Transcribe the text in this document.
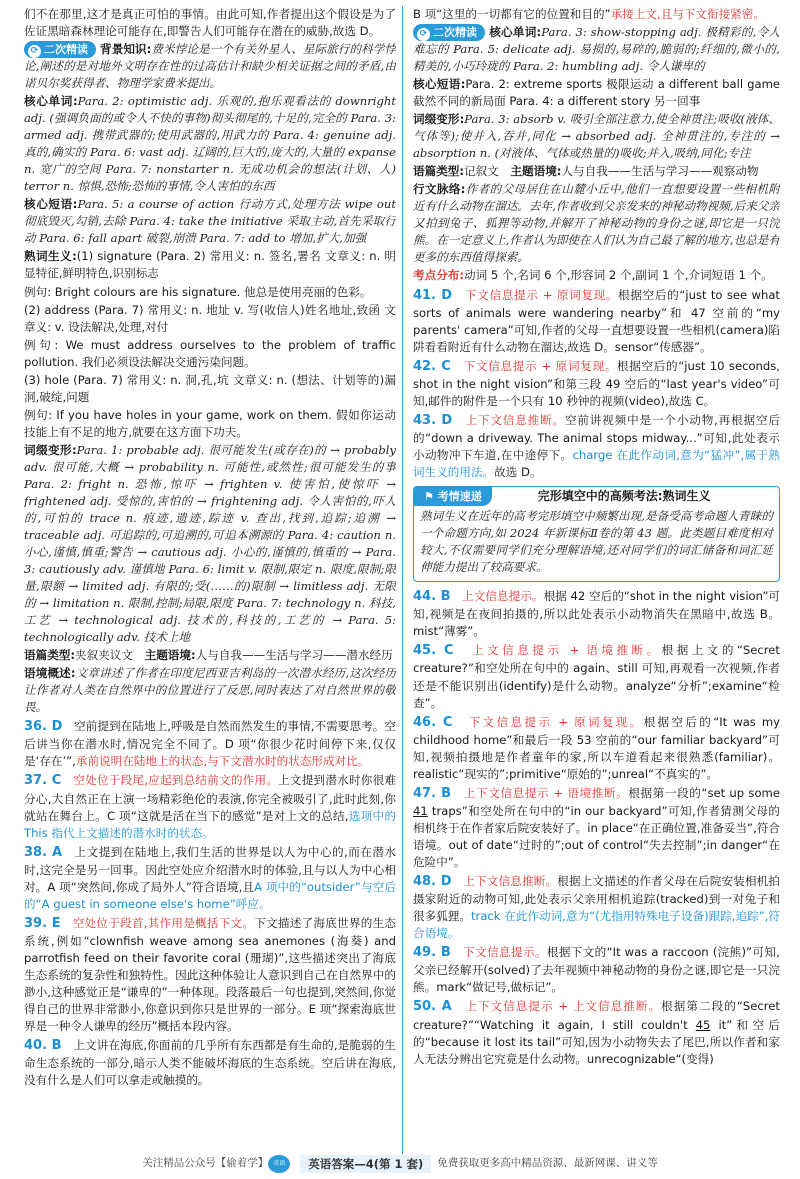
们不在那里,这才是真正可怕的事情。由此可知,作者提出这个假设是为了佐证黑暗森林理论可能存在,即警告人们可能存在潜在的威胁,故选 D。

⟳ 二次精读 背景知识:费米悖论是一个有关外星人、星际旅行的科学悖论,阐述的是对地外文明存在性的过高估计和缺少相关证据之间的矛盾,由诺贝尔奖获得者、物理学家费米提出。

核心单词:Para. 2: optimistic adj. 乐观的,抱乐观看法的 downright adj. (强调负面的或令人不快的事物)彻头彻尾的,十足的,完全的 Para. 3: armed adj. 携带武器的;使用武器的,用武力的 Para. 4: genuine adj. 真的,确实的 Para. 6: vast adj. 辽阔的,巨大的,庞大的,大量的 expanse n. 宽广的空间 Para. 7: nonstarter n. 无成功机会的想法(计划、人) terror n. 惊惧,恐怖;恐怖的事情,令人害怕的东西

核心短语:Para. 5: a course of action 行动方式,处理方法 wipe out 彻底毁灭,勾销,去除 Para. 4: take the initiative 采取主动,首先采取行动 Para. 6: fall apart 破裂,崩溃 Para. 7: add to 增加,扩大,加强

熟词生义:(1) signature (Para. 2) 常用义: n. 签名,署名 文章义: n. 明显特征,鲜明特色,识别标志

例句: Bright colours are his signature. 他总是使用亮丽的色彩。

(2) address (Para. 7) 常用义: n. 地址 v. 写(收信人)姓名地址,致函 文章义: v. 设法解决,处理,对付

例句: We must address ourselves to the problem of traffic pollution. 我们必须设法解决交通污染问题。

(3) hole (Para. 7) 常用义: n. 洞,孔,坑 文章义: n. (想法、计划等的)漏洞,破绽,问题

例句: If you have holes in your game, work on them. 假如你运动技能上有不足的地方,就要在这方面下功夫。

词缀变形:Para. 1: probable adj. 很可能发生(或存在)的 → probably adv. 很可能,大概 → probability n. 可能性,或然性;很可能发生的事 Para. 2: fright n. 恐怖,惊吓 → frighten v. 使害怕,使惊吓 → frightened adj. 受惊的,害怕的 → frightening adj. 令人害怕的,吓人的,可怕的 trace n. 痕迹,遗迹,踪迹 v. 查出,找到,追踪;追溯 → traceable adj. 可追踪的,可追溯的,可追本溯源的 Para. 4: caution n. 小心,谨慎,慎重;警告 → cautious adj. 小心的,谨慎的,慎重的 → Para. 3: cautiously adv. 谨慎地 Para. 6: limit v. 限制,限定 n. 限度,限制;限量,限额 → limited adj. 有限的;受(……的)限制 → limitless adj. 无限的 → limitation n. 限制,控制;局限,限度 Para. 7: technology n. 科技,工艺 → technological adj. 技术的,科技的,工艺的 → Para. 5: technologically adv. 技术上地

语篇类型:夹叙夹议文　 主题语境:人与自我——生活与学习——潜水经历

语境概述:文章讲述了作者在印度尼西亚吉利岛的一次潜水经历,这次经历让作者对人类在自然界中的位置进行了反思,同时表达了对自然世界的敬畏。

36. D　 空前提到在陆地上,呼吸是自然而然发生的事情,不需要思考。空后讲当你在潜水时,情况完全不同了。D 项“你很少花时间停下来,仅仅是‘存在’”,承前说明在陆地上的状态,与下文潜水时的状态形成对比。

37. C　 空处位于段尾,应起到总结前文的作用。上文提到潜水时你很难分心,大自然正在上演一场精彩绝伦的表演,你完全被吸引了,此时此刻,你就站在舞台上。C 项“这就是活在当下的感觉”是对上文的总结,选项中的 This 指代上文描述的潜水时的状态。

38. A　 上文提到在陆地上,我们生活的世界是以人为中心的,而在潜水时,这完全是另一回事。因此空处应介绍潜水时的体验,且与以人为中心相对。A 项“突然间,你成了局外人”符合语境,且A 项中的“outsider”与空后的“A guest in someone else's home”呼应。

39. E　 空处位于段首,其作用是概括下文。下文描述了海底世界的生态系统,例如“clownfish weave among sea anemones (海葵) and parrotfish feed on their favorite coral (珊瑚)”,这些描述突出了海底生态系统的复杂性和独特性。因此这种体验让人意识到自己在自然界中的渺小,这种感觉正是“谦卑的”一种体现。段落最后一句也提到,突然间,你觉得自己的世界非常渺小,你意识到你只是世界的一部分。E 项“探索海底世界是一种令人谦卑的经历”概括本段内容。

40. B　 上文讲在海底,你面前的几乎所有东西都是有生命的,是脆弱的生命生态系统的一部分,暗示人类不能破坏海底的生态系统。空后讲在海底,没有什么是人们可以拿走或触摸的。

B 项“这里的一切都有它的位置和目的”承接上文,且与下文衔接紧密。

⟳ 二次精读 核心单词:Para. 3: show-stopping adj. 极精彩的,令人难忘的 Para. 5: delicate adj. 易损的,易碎的,脆弱的;纤细的,微小的,精美的,小巧玲珑的 Para. 2: humbling adj. 令人谦卑的

核心短语:Para. 2: extreme sports 极限运动 a different ball game 截然不同的新局面 Para. 4: a different story 另一回事

词缀变形:Para. 3: absorb v. 吸引全部注意力,使全神贯注;吸收(液体、气体等);使并入,吞并,同化 → absorbed adj. 全神贯注的,专注的 → absorption n. (对液体、气体或热量的)吸收;并入,吸纳,同化;专注

语篇类型:记叙文　 主题语境:人与自我——生活与学习——观察动物

行文脉络:作者的父母居住在山麓小丘中,他们一直想要设置一些相机附近有什么动物在溜达。去年,作者收到父亲发来的神秘动物视频,后来父亲又拍到兔子、狐狸等动物,并解开了神秘动物的身份之谜,即它是一只浣熊。在一定意义上,作者认为即使在人们认为自己最了解的地方,也总是有更多的东西值得探索。

考点分布:动词 5 个,名词 6 个,形容词 2 个,副词 1 个,介词短语 1 个。

41. D　 下文信息提示 + 原词复现。根据空后的“just to see what sorts of animals were wandering nearby”和 47 空前的“my parents' camera”可知,作者的父母一直想要设置一些相机(camera)陷阱看看附近有什么动物在溜达,故选 D。sensor“传感器”。

42. C　 下文信息提示 + 原词复现。根据空后的“just 10 seconds, shot in the night vision”和第三段 49 空后的“last year's video”可知,邮件的附件是一个只有 10 秒钟的视频(video),故选 C。

43. D　 上下文信息推断。空前讲视频中是一个小动物,再根据空后的“down a driveway. The animal stops midway...”可知,此处表示小动物冲下车道,在中途停下。charge 在此作动词,意为“猛冲”,属于熟词生义的用法。故选 D。

⚑ 考情速递	完形填空中的高频考法:熟词生义

熟词生义在近年的高考完形填空中频繁出现,是备受高考命题人青睐的一个命题方向,如 2024 年新课标Ⅱ卷的第 43 题。此类题目难度相对较大,不仅需要同学们充分理解语境,还对同学们的词汇储备和词汇延伸能力提出了较高要求。

44. B　 上文信息提示。根据 42 空后的“shot in the night vision”可知,视频是在夜间拍摄的,所以此处表示小动物消失在黑暗中,故选 B。mist“薄雾”。

45. C　 上文信息提示 + 语境推断。根据上文的“Secret creature?”和空处所在句中的 again、still 可知,再观看一次视频,作者还是不能识别出(identify)是什么动物。analyze“分析”;examine“检查”。

46. C　 下文信息提示 + 原词复现。根据空后的“It was my childhood home”和最后一段 53 空前的“our familiar backyard”可知,视频拍摄地是作者童年的家,所以车道看起来很熟悉(familiar)。realistic“现实的”;primitive“原始的”;unreal“不真实的”。

47. B　 上下文信息提示 + 语境推断。根据第一段的“set up some 41 traps”和空处所在句中的“in our backyard”可知,作者猜测父母的相机终于在作者家后院安装好了。in place“在正确位置,准备妥当”,符合语境。out of date“过时的”;out of control“失去控制”;in danger“在危险中”。

48. D　 上下文信息推断。根据上文描述的作者父母在后院安装相机拍摄家附近的动物可知,此处表示父亲用相机追踪(tracked)到一对兔子和很多狐狸。track 在此作动词,意为“(尤指用特殊电子设备)跟踪,追踪”,符合语境。

49. B　 下文信息提示。根据下文的“It was a raccoon (浣熊)”可知,父亲已经解开(solved)了去年视频中神秘动物的身份之谜,即它是一只浣熊。mark“做记号,做标记”。

50. A　 上下文信息提示 + 上文信息推断。根据第二段的“Secret creature?”“Watching it again, I still couldn't 45 it”和空后的“because it lost its tail”可知,因为小动物失去了尾巴,所以作者和家人无法分辨出它究竟是什么动物。unrecognizable“(变得)

关注精品公众号【偷着学】 英语	英语答案—4(第 1 套)	免费获取更多高中精品资源、最新网课、讲义等
